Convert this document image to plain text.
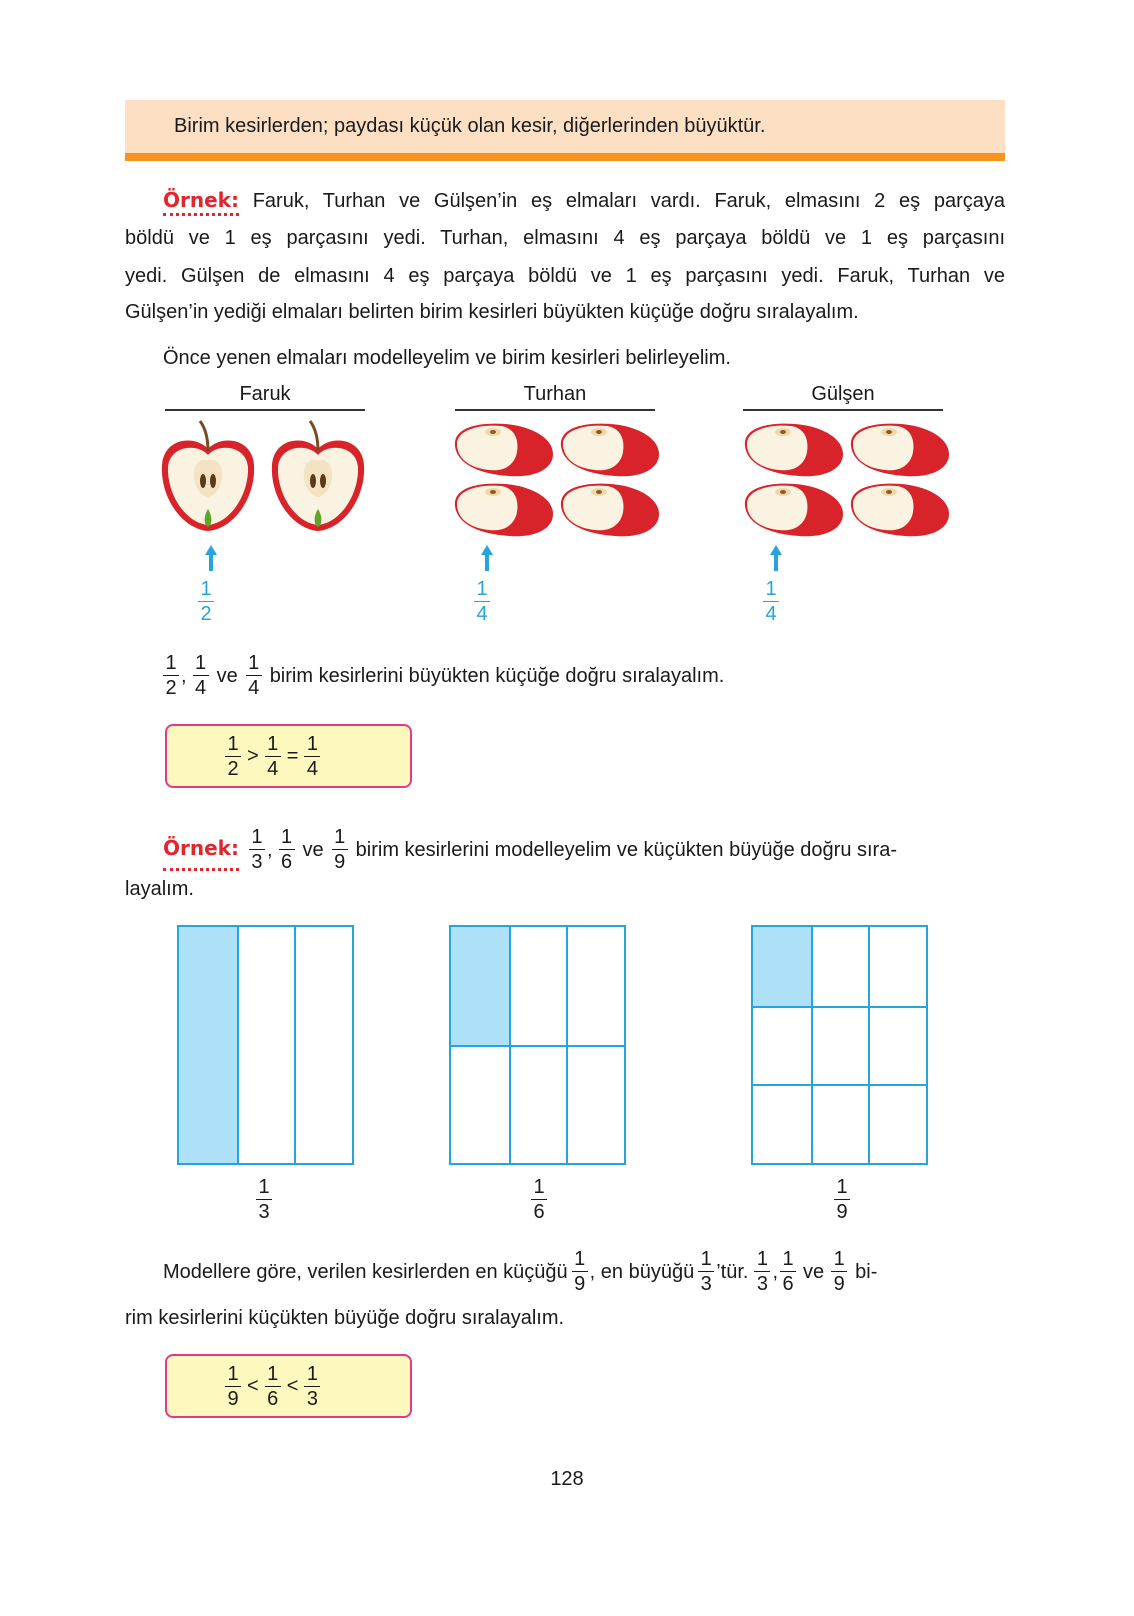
Birim kesirlerden; paydası küçük olan kesir, diğerlerinden büyüktür.
Örnek: Faruk, Turhan ve Gülşen’in eş elmaları vardı. Faruk, elmasını 2 eş parçaya
böldü ve 1 eş parçasını yedi. Turhan, elmasını 4 eş parçaya böldü ve 1 eş parçasını
yedi. Gülşen de elmasını 4 eş parçaya böldü ve 1 eş parçasını yedi. Faruk, Turhan ve
Gülşen’in yediği elmaları belirten birim kesirleri büyükten küçüğe doğru sıralayalım.
Önce yenen elmaları modelleyelim ve birim kesirleri belirleyelim.
Faruk	Turhan	Gülşen
$\frac{1}{2}$	$\frac{1}{4}$	$\frac{1}{4}$
1
2
,
1
4
ve
1
4
birim kesirlerini büyükten küçüğe doğru sıralayalım.
1
2
>
1
4
=
1
4
Örnek: 1
3
,
1
6
ve
1
9
birim kesirlerini modelleyelim ve küçükten büyüğe doğru sıra-
layalım.
$\frac{1}{3}$	$\frac{1}{6}$	$\frac{1}{9}$
Modellere göre, verilen kesirlerden en küçüğü
1
9
, en büyüğü
1
3
’tür.
1
3
,
1
6
ve
1
9
bi-
rim kesirlerini küçükten büyüğe doğru sıralayalım.
1
9
<
1
6
<
1
3
128
